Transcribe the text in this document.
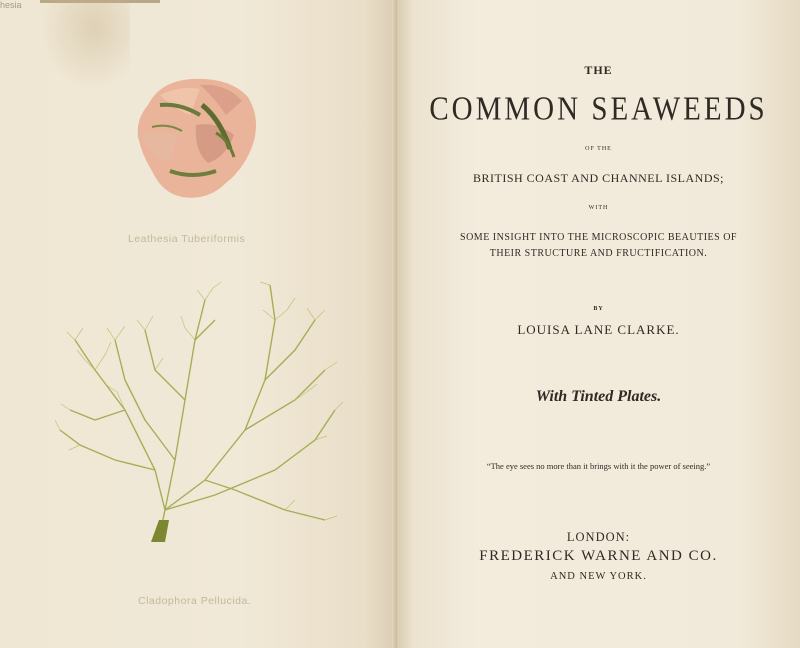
hesia
Leathesia Tuberiformis
Cladophora Pellucida.
THE
COMMON SEAWEEDS
OF THE
BRITISH COAST AND CHANNEL ISLANDS;
WITH
SOME INSIGHT INTO THE MICROSCOPIC BEAUTIES OF
THEIR STRUCTURE AND FRUCTIFICATION.
BY
LOUISA LANE CLARKE.
With Tinted Plates.
“The eye sees no more than it brings with it the power of seeing.”
LONDON:
FREDERICK WARNE AND CO.
AND NEW YORK.
